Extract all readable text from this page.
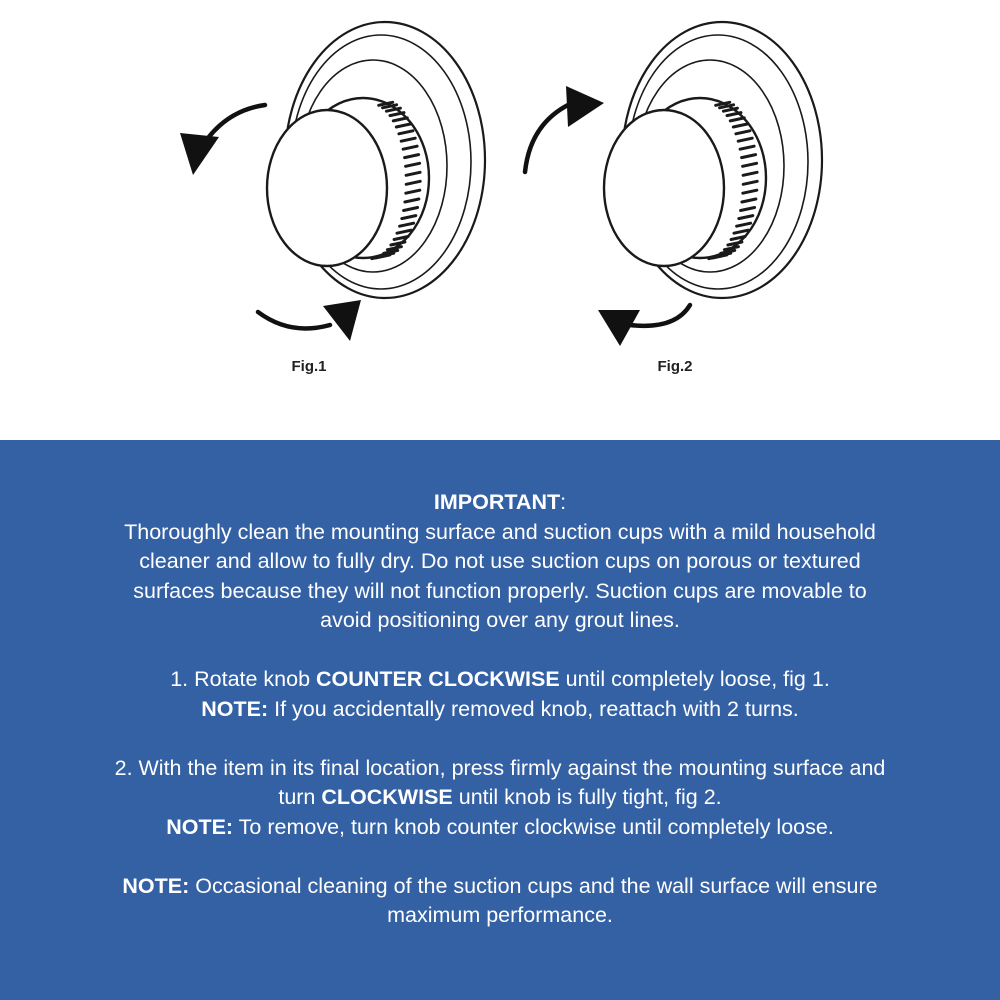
Fig.1	Fig.2

IMPORTANT:
Thoroughly clean the mounting surface and suction cups with a mild household
cleaner and allow to fully dry. Do not use suction cups on porous or textured
surfaces because they will not function properly. Suction cups are movable to
avoid positioning over any grout lines.

1. Rotate knob COUNTER CLOCKWISE until completely loose, fig 1.
NOTE: If you accidentally removed knob, reattach with 2 turns.

2. With the item in its final location, press firmly against the mounting surface and
turn CLOCKWISE until knob is fully tight, fig 2.
NOTE: To remove, turn knob counter clockwise until completely loose.

NOTE: Occasional cleaning of the suction cups and the wall surface will ensure
maximum performance.
